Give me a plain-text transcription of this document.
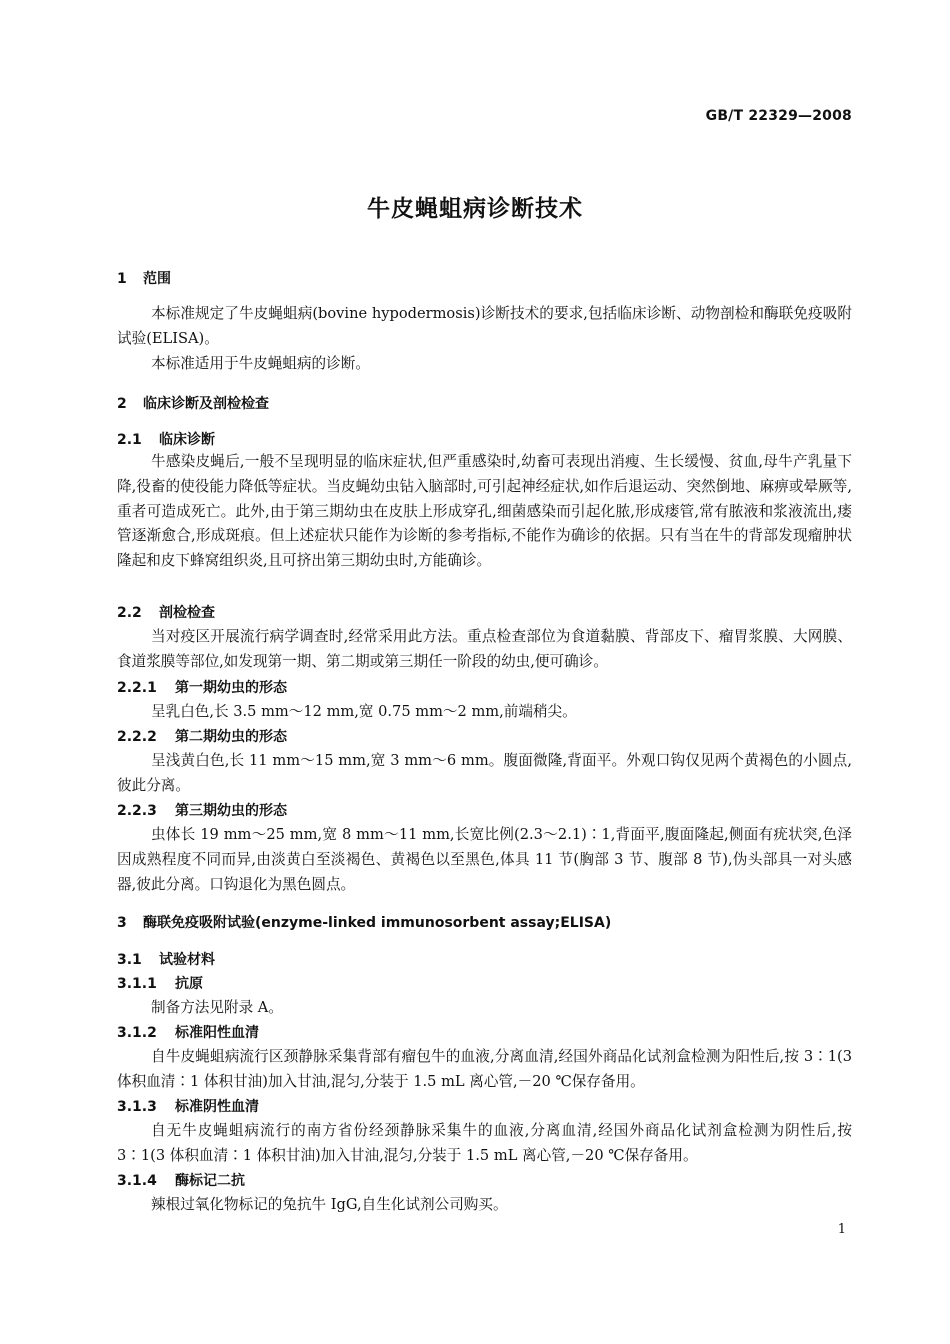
GB/T 22329—2008
牛皮蝇蛆病诊断技术
1 范围
本标准规定了牛皮蝇蛆病(bovine hypodermosis)诊断技术的要求,包括临床诊断、动物剖检和酶联免疫吸附试验(ELISA)。
本标准适用于牛皮蝇蛆病的诊断。
2 临床诊断及剖检检查
2.1 临床诊断
牛感染皮蝇后,一般不呈现明显的临床症状,但严重感染时,幼畜可表现出消瘦、生长缓慢、贫血,母牛产乳量下降,役畜的使役能力降低等症状。当皮蝇幼虫钻入脑部时,可引起神经症状,如作后退运动、突然倒地、麻痹或晕厥等,重者可造成死亡。此外,由于第三期幼虫在皮肤上形成穿孔,细菌感染而引起化脓,形成瘘管,常有脓液和浆液流出,瘘管逐渐愈合,形成斑痕。但上述症状只能作为诊断的参考指标,不能作为确诊的依据。只有当在牛的背部发现瘤肿状隆起和皮下蜂窝组织炎,且可挤出第三期幼虫时,方能确诊。
2.2 剖检检查
当对疫区开展流行病学调查时,经常采用此方法。重点检查部位为食道黏膜、背部皮下、瘤胃浆膜、大网膜、食道浆膜等部位,如发现第一期、第二期或第三期任一阶段的幼虫,便可确诊。
2.2.1 第一期幼虫的形态
呈乳白色,长 3.5 mm～12 mm,宽 0.75 mm～2 mm,前端稍尖。
2.2.2 第二期幼虫的形态
呈浅黄白色,长 11 mm～15 mm,宽 3 mm～6 mm。腹面微隆,背面平。外观口钩仅见两个黄褐色的小圆点,彼此分离。
2.2.3 第三期幼虫的形态
虫体长 19 mm～25 mm,宽 8 mm～11 mm,长宽比例(2.3～2.1)∶1,背面平,腹面隆起,侧面有疣状突,色泽因成熟程度不同而异,由淡黄白至淡褐色、黄褐色以至黑色,体具 11 节(胸部 3 节、腹部 8 节),伪头部具一对头感器,彼此分离。口钩退化为黑色圆点。
3 酶联免疫吸附试验(enzyme-linked immunosorbent assay;ELISA)
3.1 试验材料
3.1.1 抗原
制备方法见附录 A。
3.1.2 标准阳性血清
自牛皮蝇蛆病流行区颈静脉采集背部有瘤包牛的血液,分离血清,经国外商品化试剂盒检测为阳性后,按 3∶1(3 体积血清∶1 体积甘油)加入甘油,混匀,分装于 1.5 mL 离心管,－20 ℃保存备用。
3.1.3 标准阴性血清
自无牛皮蝇蛆病流行的南方省份经颈静脉采集牛的血液,分离血清,经国外商品化试剂盒检测为阴性后,按 3∶1(3 体积血清∶1 体积甘油)加入甘油,混匀,分装于 1.5 mL 离心管,－20 ℃保存备用。
3.1.4 酶标记二抗
辣根过氧化物标记的兔抗牛 IgG,自生化试剂公司购买。
1
